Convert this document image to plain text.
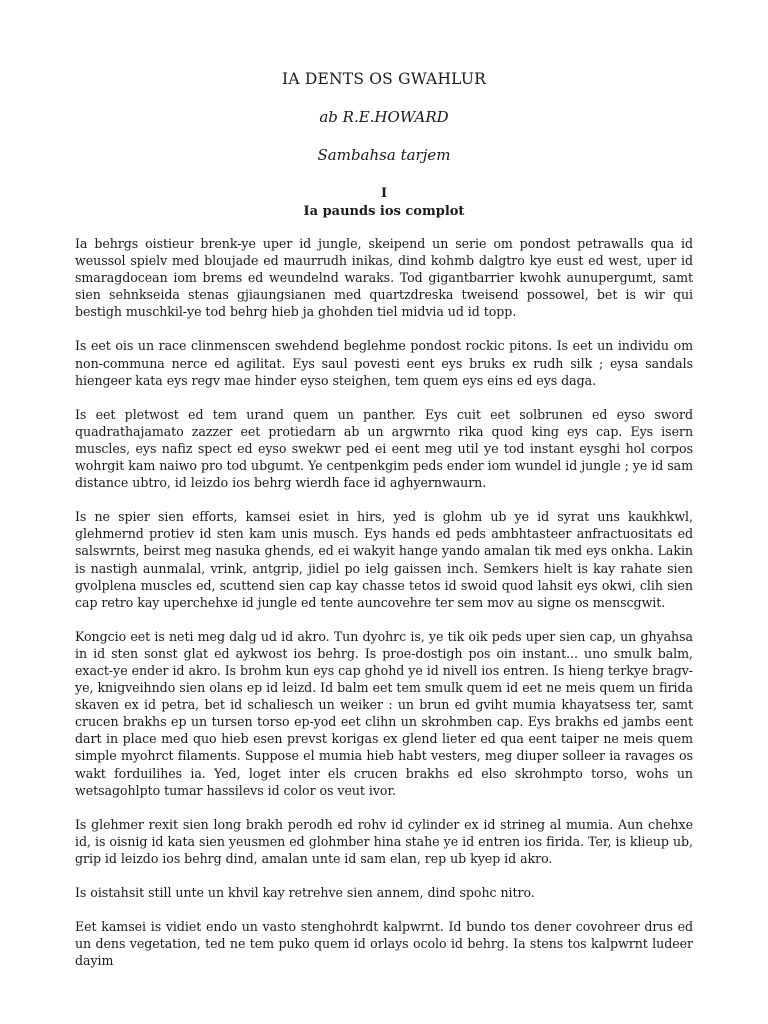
IA DENTS OS GWAHLUR
ab R.E.HOWARD
Sambahsa tarjem
I
Ia paunds ios complot

Ia behrgs oistieur brenk-ye uper id jungle, skeipend un serie om pondost petrawalls qua id weussol spielv med bloujade ed maurrudh inikas, dind kohmb dalgtro kye eust ed west, uper id smaragdocean iom brems ed weundelnd waraks. Tod gigantbarrier kwohk aunupergumt, samt sien sehnkseida stenas gjiaungsianen med quartzdreska tweisend possowel, bet is wir qui bestigh muschkil-ye tod behrg hieb ja ghohden tiel midvia ud id topp.

Is eet ois un race clinmenscen swehdend beglehme pondost rockic pitons. Is eet un individu om non-communa nerce ed agilitat. Eys saul povesti eent eys bruks ex rudh silk ; eysa sandals hiengeer kata eys regv mae hinder eyso steighen, tem quem eys eins ed eys daga.

Is eet pletwost ed tem urand quem un panther. Eys cuit eet solbrunen ed eyso sword quadrathajamato zazzer eet protiedarn ab un argwrnto rika quod king eys cap. Eys isern muscles, eys nafiz spect ed eyso swekwr ped ei eent meg util ye tod instant eysghi hol corpos wohrgit kam naiwo pro tod ubgumt. Ye centpenkgim peds ender iom wundel id jungle ; ye id sam distance ubtro, id leizdo ios behrg wierdh face id aghyernwaurn.

Is ne spier sien efforts, kamsei esiet in hirs, yed is glohm ub ye id syrat uns kaukhkwl, glehmernd protiev id sten kam unis musch. Eys hands ed peds ambhtasteer anfractuositats ed salswrnts, beirst meg nasuka ghends, ed ei wakyit hange yando amalan tik med eys onkha. Lakin is nastigh aunmalal, vrink, antgrip, jidiel po ielg gaissen inch. Semkers hielt is kay rahate sien gvolplena muscles ed, scuttend sien cap kay chasse tetos id swoid quod lahsit eys okwi, clih sien cap retro kay uperchehxe id jungle ed tente auncovehre ter sem mov au signe os menscgwit.

Kongcio eet is neti meg dalg ud id akro. Tun dyohrc is, ye tik oik peds uper sien cap, un ghyahsa in id sten sonst glat ed aykwost ios behrg. Is proe-dostigh pos oin instant... uno smulk balm, exact-ye ender id akro. Is brohm kun eys cap ghohd ye id nivell ios entren. Is hieng terkye bragv-ye, knigveihndo sien olans ep id leizd. Id balm eet tem smulk quem id eet ne meis quem un firida skaven ex id petra, bet id schaliesch un weiker : un brun ed gviht mumia khayatsess ter, samt crucen brakhs ep un tursen torso ep-yod eet clihn un skrohmben cap. Eys brakhs ed jambs eent dart in place med quo hieb esen prevst korigas ex glend lieter ed qua eent taiper ne meis quem simple myohrct filaments. Suppose el mumia hieb habt vesters, meg diuper solleer ia ravages os wakt forduilihes ia. Yed, loget inter els crucen brakhs ed elso skrohmpto torso, wohs un wetsagohlpto tumar hassilevs id color os veut ivor.

Is glehmer rexit sien long brakh perodh ed rohv id cylinder ex id strineg al mumia. Aun chehxe id, is oisnig id kata sien yeusmen ed glohmber hina stahe ye id entren ios firida. Ter, is klieup ub, grip id leizdo ios behrg dind, amalan unte id sam elan, rep ub kyep id akro.

Is oistahsit still unte un khvil kay retrehve sien annem, dind spohc nitro.

Eet kamsei is vidiet endo un vasto stenghohrdt kalpwrnt. Id bundo tos dener covohreer drus ed un dens vegetation, ted ne tem puko quem id orlays ocolo id behrg. Ia stens tos kalpwrnt ludeer dayim
